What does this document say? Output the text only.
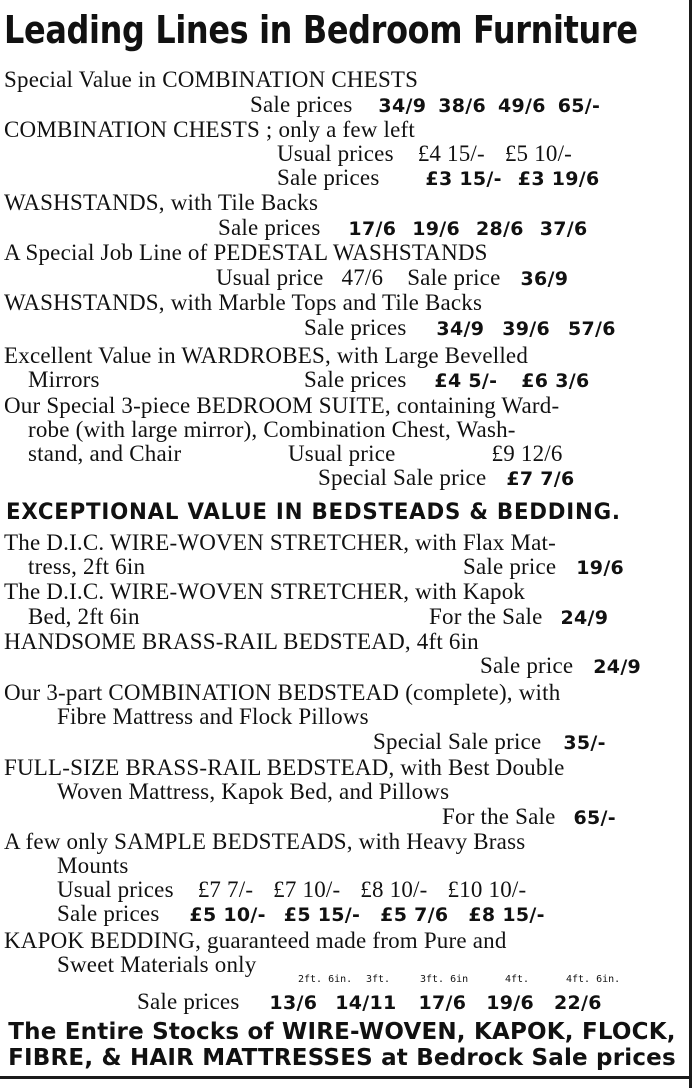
Leading Lines in Bedroom Furniture
Special Value in COMBINATION CHESTS
Sale prices 34/9 38/6 49/6 65/-
COMBINATION CHESTS ; only a few left
Usual prices £4 15/- £5 10/-
Sale prices £3 15/- £3 19/6
WASHSTANDS, with Tile Backs
Sale prices 17/6 19/6 28/6 37/6
A Special Job Line of PEDESTAL WASHSTANDS
Usual price 47/6 Sale price 36/9
WASHSTANDS, with Marble Tops and Tile Backs
Sale prices 34/9 39/6 57/6
Excellent Value in WARDROBES, with Large Bevelled
Mirrors	Sale prices £4 5/- £6 3/6
Our Special 3-piece BEDROOM SUITE, containing Ward-
robe (with large mirror), Combination Chest, Wash-
stand, and Chair	Usual price	£9 12/6
Special Sale price £7 7/6
EXCEPTIONAL VALUE IN BEDSTEADS & BEDDING.
The D.I.C. WIRE-WOVEN STRETCHER, with Flax Mat-
tress, 2ft 6in	Sale price 19/6
The D.I.C. WIRE-WOVEN STRETCHER, with Kapok
Bed, 2ft 6in	For the Sale 24/9
HANDSOME BRASS-RAIL BEDSTEAD, 4ft 6in
Sale price 24/9
Our 3-part COMBINATION BEDSTEAD (complete), with
Fibre Mattress and Flock Pillows
Special Sale price 35/-
FULL-SIZE BRASS-RAIL BEDSTEAD, with Best Double
Woven Mattress, Kapok Bed, and Pillows
For the Sale 65/-
A few only SAMPLE BEDSTEADS, with Heavy Brass
Mounts
Usual prices £7 7/- £7 10/- £8 10/- £10 10/-
Sale prices £5 10/- £5 15/- £5 7/6 £8 15/-
KAPOK BEDDING, guaranteed made from Pure and
Sweet Materials only
2ft. 6in. 3ft.	3ft. 6in	4ft.	4ft. 6in.
Sale prices 13/6 14/11 17/6 19/6 22/6
The Entire Stocks of WIRE-WOVEN, KAPOK, FLOCK,
FIBRE, & HAIR MATTRESSES at Bedrock Sale prices
